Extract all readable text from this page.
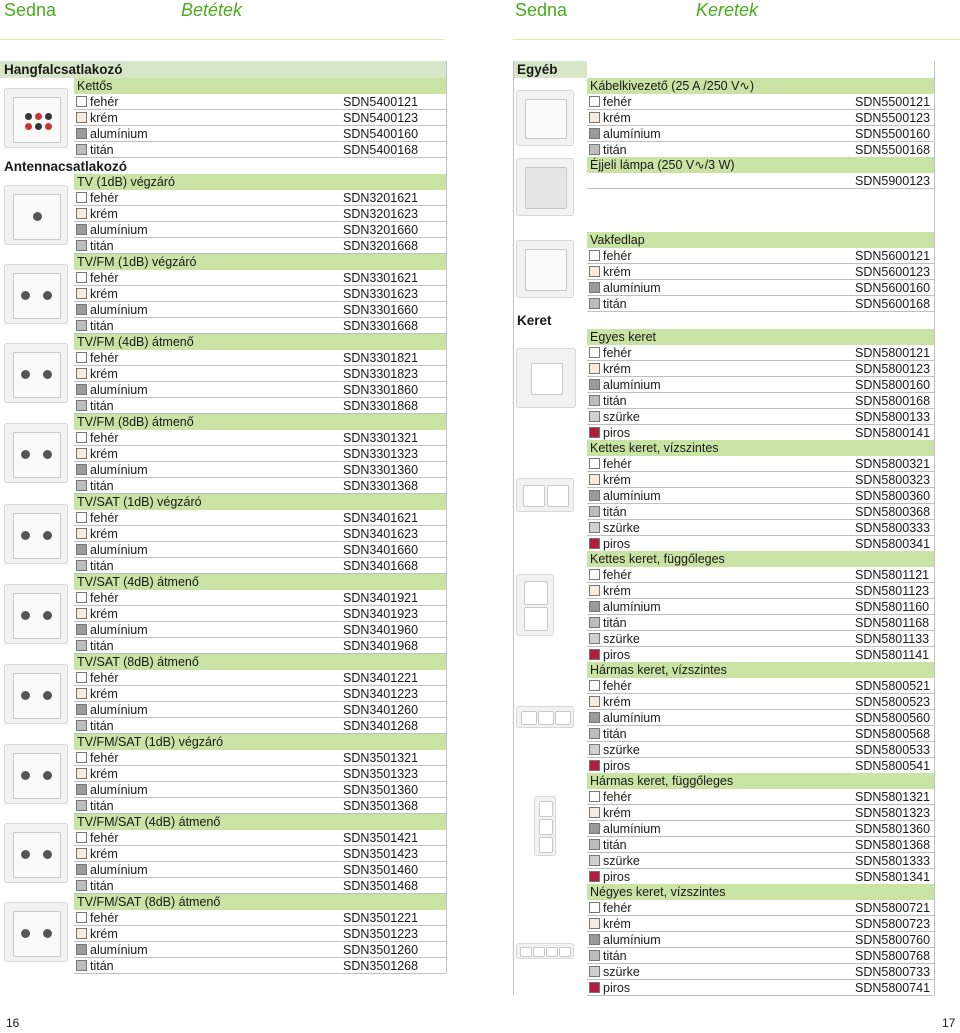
Sedna	Betétek	Sedna	Keretek
Hangfalcsatlakozó
Kettős
fehér	SDN5400121
krém	SDN5400123
alumínium	SDN5400160
titán	SDN5400168
Antennacsatlakozó
TV (1dB) végzáró
fehér	SDN3201621
krém	SDN3201623
alumínium	SDN3201660
titán	SDN3201668
TV/FM (1dB) végzáró
fehér	SDN3301621
krém	SDN3301623
alumínium	SDN3301660
titán	SDN3301668
TV/FM (4dB) átmenő
fehér	SDN3301821
krém	SDN3301823
alumínium	SDN3301860
titán	SDN3301868
TV/FM (8dB) átmenő
fehér	SDN3301321
krém	SDN3301323
alumínium	SDN3301360
titán	SDN3301368
TV/SAT (1dB) végzáró
fehér	SDN3401621
krém	SDN3401623
alumínium	SDN3401660
titán	SDN3401668
TV/SAT (4dB) átmenő
fehér	SDN3401921
krém	SDN3401923
alumínium	SDN3401960
titán	SDN3401968
TV/SAT (8dB) átmenő
fehér	SDN3401221
krém	SDN3401223
alumínium	SDN3401260
titán	SDN3401268
TV/FM/SAT (1dB) végzáró
fehér	SDN3501321
krém	SDN3501323
alumínium	SDN3501360
titán	SDN3501368
TV/FM/SAT (4dB) átmenő
fehér	SDN3501421
krém	SDN3501423
alumínium	SDN3501460
titán	SDN3501468
TV/FM/SAT (8dB) átmenő
fehér	SDN3501221
krém	SDN3501223
alumínium	SDN3501260
titán	SDN3501268
Egyéb
Kábelkivezető (25 A /250 V∿)
fehér	SDN5500121
krém	SDN5500123
alumínium	SDN5500160
titán	SDN5500168
Éjjeli lámpa (250 V∿/3 W)
SDN5900123
Vakfedlap
fehér	SDN5600121
krém	SDN5600123
alumínium	SDN5600160
titán	SDN5600168
Keret
Egyes keret
fehér	SDN5800121
krém	SDN5800123
alumínium	SDN5800160
titán	SDN5800168
szürke	SDN5800133
piros	SDN5800141
Kettes keret, vízszintes
fehér	SDN5800321
krém	SDN5800323
alumínium	SDN5800360
titán	SDN5800368
szürke	SDN5800333
piros	SDN5800341
Kettes keret, függőleges
fehér	SDN5801121
krém	SDN5801123
alumínium	SDN5801160
titán	SDN5801168
szürke	SDN5801133
piros	SDN5801141
Hármas keret, vízszintes
fehér	SDN5800521
krém	SDN5800523
alumínium	SDN5800560
titán	SDN5800568
szürke	SDN5800533
piros	SDN5800541
Hármas keret, függőleges
fehér	SDN5801321
krém	SDN5801323
alumínium	SDN5801360
titán	SDN5801368
szürke	SDN5801333
piros	SDN5801341
Négyes keret, vízszintes
fehér	SDN5800721
krém	SDN5800723
alumínium	SDN5800760
titán	SDN5800768
szürke	SDN5800733
piros	SDN5800741
16	17
